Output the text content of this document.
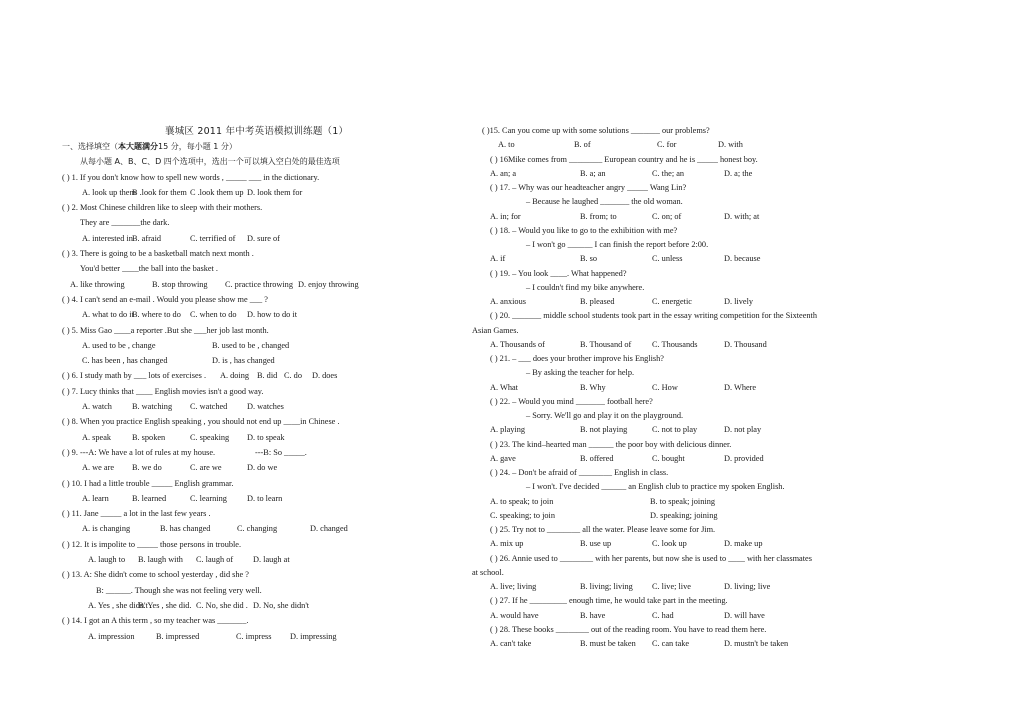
襄城区 2011 年中考英语模拟训练题（1）
一、选择填空（本大题满分15 分，每小题 1 分）
从每小题 A、B、C、D 四个选项中，选出一个可以填入空白处的最佳选项
( ) 1. If you don't know how to spell new words , _____ ___ in the dictionary.
A. look up them
B .look for them C .look them up D. look them for
( ) 2. Most Chinese children like to sleep with their mothers.
They are _______the dark.
A. interested in B. afraid	C. terrified of D. sure of
( ) 3. There is going to be a basketball match next month .
You'd better ____the ball into the basket .
A. like throwing	B. stop throwing C. practice throwing D. enjoy throwing
( ) 4. I can't send an e-mail . Would you please show me ___ ?
A. what to do it
B. where to do C. when to do D. how to do it
( ) 5. Miss Gao ____a reporter .But she ___her job last month.
A. used to be , change	B. used to be , changed
C. has been , has changed	D. is , has changed
( ) 6. I study math by ___ lots of exercises . A. doing B. did C. do D. does
( ) 7. Lucy thinks that ____ English movies isn't a good way.
A. watch B. watching C. watched D. watches
( ) 8. When you practice English speaking , you should not end up ____in Chinese .
A. speak	B. spoken	C. speaking D. to speak
( ) 9. ---A: We have a lot of rules at my house.	---B: So _____.
A. we are B. we do	C. are we	D. do we
( ) 10. I had a little trouble _____ English grammar.
A. learn	B. learned	C. learning D. to learn
( ) 11. Jane _____ a lot in the last few years .
A. is changing	B. has changed	C. changing	D. changed
( ) 12. It is impolite to _____ those persons in trouble.
A. laugh to B. laugh with C. laugh of D. laugh at
( ) 13. A: She didn't come to school yesterday , did she ?
B: ______. Though she was not feeling very well.
A. Yes , she didn't .
B. Yes , she did. C. No, she did . D. No, she didn't
( ) 14. I got an A this term , so my teacher was _______.
A. impression	B. impressed	C. impress D. impressing
( )15. Can you come up with some solutions _______ our problems?
A. to	B. of	C. for	D. with
( ) 16Mike comes from ________ European country and he is _____ honest boy.
A. an; a	B. a; an	C. the; an	D. a; the
( ) 17. – Why was our headteacher angry _____ Wang Lin?
– Because he laughed _______ the old woman.
A. in; for	B. from; to	C. on; of	D. with; at
( ) 18. – Would you like to go to the exhibition with me?
– I won't go ______ I can finish the report before 2:00.
A. if	B. so	C. unless	D. because
( ) 19. – You look ____. What happened?
– I couldn't find my bike anywhere.
A. anxious	B. pleased	C. energetic	D. lively
( ) 20. _______ middle school students took part in the essay writing competition for the Sixteenth
Asian Games.
A. Thousands of	B. Thousand of	C. Thousands	D. Thousand
( ) 21. – ___ does your brother improve his English?
– By asking the teacher for help.
A. What	B. Why	C. How	D. Where
( ) 22. – Would you mind _______ football here?
– Sorry. We'll go and play it on the playground.
A. playing	B. not playing	C. not to play	D. not play
( ) 23. The kind–hearted man ______ the poor boy with delicious dinner.
A. gave	B. offered	C. bought	D. provided
( ) 24. – Don't be afraid of ________ English in class.
– I won't. I've decided ______ an English club to practice my spoken English.
A. to speak; to join	B. to speak; joining
C. speaking; to join	D. speaking; joining
( ) 25. Try not to ________ all the water. Please leave some for Jim.
A. mix up	B. use up	C. look up	D. make up
( ) 26. Annie used to ________ with her parents, but now she is used to ____ with her classmates
at school.
A. live; living	B. living; living C. live; live	D. living; live
( ) 27. If he _________ enough time, he would take part in the meeting.
A. would have	B. have	C. had	D. will have
( ) 28. These books ________ out of the reading room. You have to read them here.
A. can't take	B. must be taken C. can take	D. mustn't be taken
